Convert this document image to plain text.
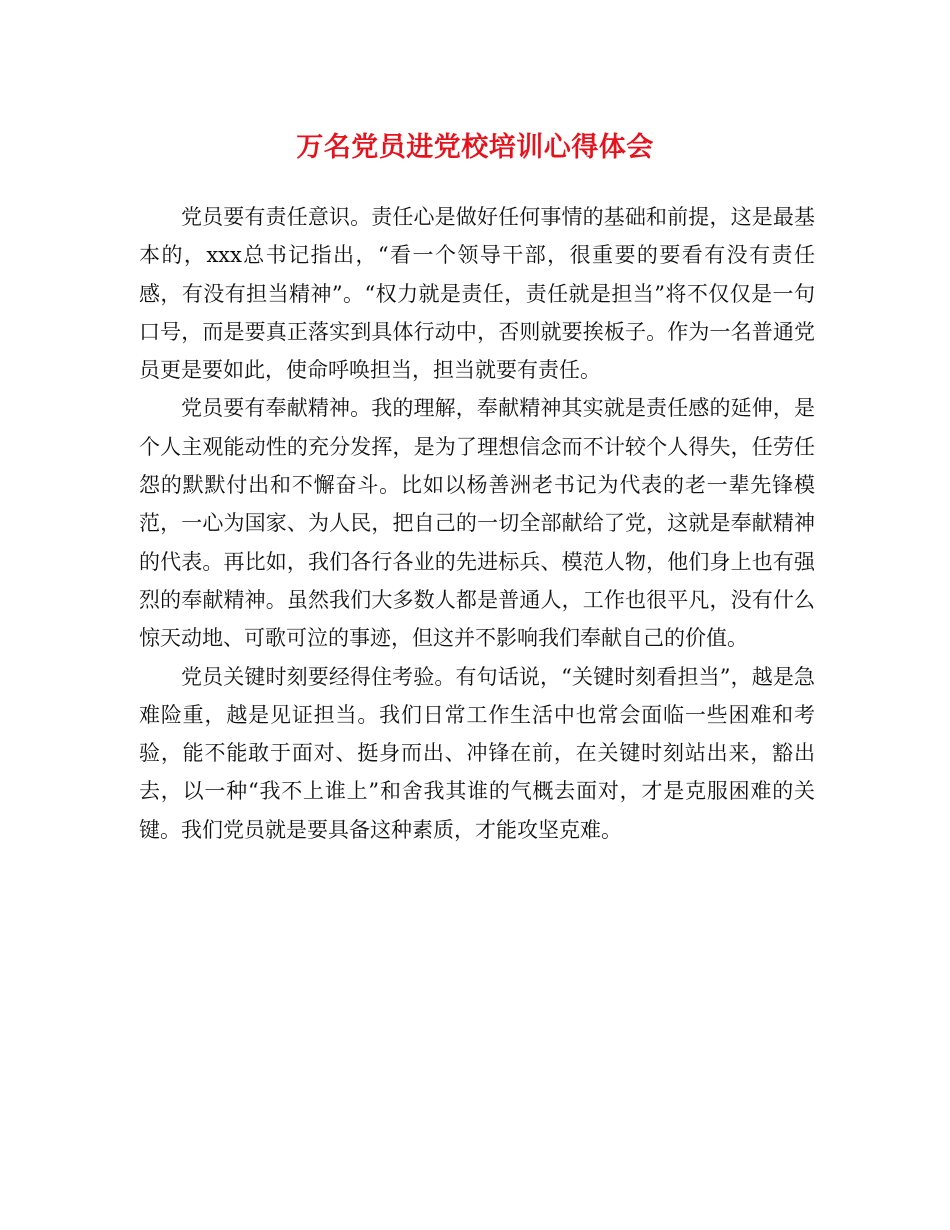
万名党员进党校培训心得体会

党员要有责任意识。责任心是做好任何事情的基础和前提，这是最基本的，xxx总书记指出，“看一个领导干部，很重要的要看有没有责任感，有没有担当精神”。“权力就是责任，责任就是担当”将不仅仅是一句口号，而是要真正落实到具体行动中，否则就要挨板子。作为一名普通党员更是要如此，使命呼唤担当，担当就要有责任。

党员要有奉献精神。我的理解，奉献精神其实就是责任感的延伸，是个人主观能动性的充分发挥，是为了理想信念而不计较个人得失，任劳任怨的默默付出和不懈奋斗。比如以杨善洲老书记为代表的老一辈先锋模范，一心为国家、为人民，把自己的一切全部献给了党，这就是奉献精神的代表。再比如，我们各行各业的先进标兵、模范人物，他们身上也有强烈的奉献精神。虽然我们大多数人都是普通人，工作也很平凡，没有什么惊天动地、可歌可泣的事迹，但这并不影响我们奉献自己的价值。

党员关键时刻要经得住考验。有句话说，“关键时刻看担当”，越是急难险重，越是见证担当。我们日常工作生活中也常会面临一些困难和考验，能不能敢于面对、挺身而出、冲锋在前，在关键时刻站出来，豁出去，以一种“我不上谁上”和舍我其谁的气概去面对，才是克服困难的关键。我们党员就是要具备这种素质，才能攻坚克难。
